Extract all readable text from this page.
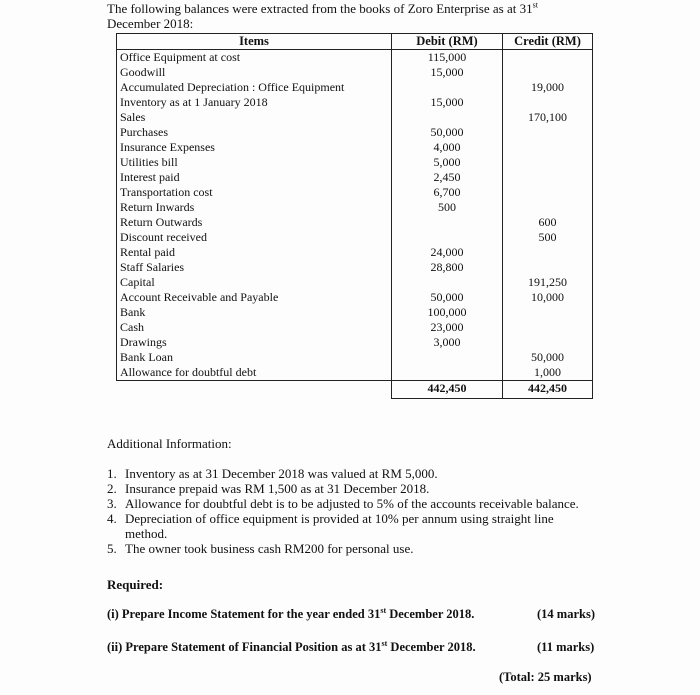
The following balances were extracted from the books of Zoro Enterprise as at 31st
December 2018:
Items	Debit (RM)	Credit (RM)
Office Equipment at cost	115,000	
Goodwill	15,000	
Accumulated Depreciation : Office Equipment		19,000
Inventory as at 1 January 2018	15,000	
Sales		170,100
Purchases	50,000	
Insurance Expenses	4,000	
Utilities bill	5,000	
Interest paid	2,450	
Transportation cost	6,700	
Return Inwards	500	
Return Outwards		600
Discount received		500
Rental paid	24,000	
Staff Salaries	28,800	
Capital		191,250
Account Receivable and Payable	50,000	10,000
Bank	100,000	
Cash	23,000	
Drawings	3,000	
Bank Loan		50,000
Allowance for doubtful debt		1,000
	442,450	442,450
Additional Information:
1. Inventory as at 31 December 2018 was valued at RM 5,000.
2. Insurance prepaid was RM 1,500 as at 31 December 2018.
3. Allowance for doubtful debt is to be adjusted to 5% of the accounts receivable balance.
4. Depreciation of office equipment is provided at 10% per annum using straight line method.
5. The owner took business cash RM200 for personal use.
Required:
(i) Prepare Income Statement for the year ended 31st December 2018.	(14 marks)
(ii) Prepare Statement of Financial Position as at 31st December 2018.	(11 marks)
(Total: 25 marks)
